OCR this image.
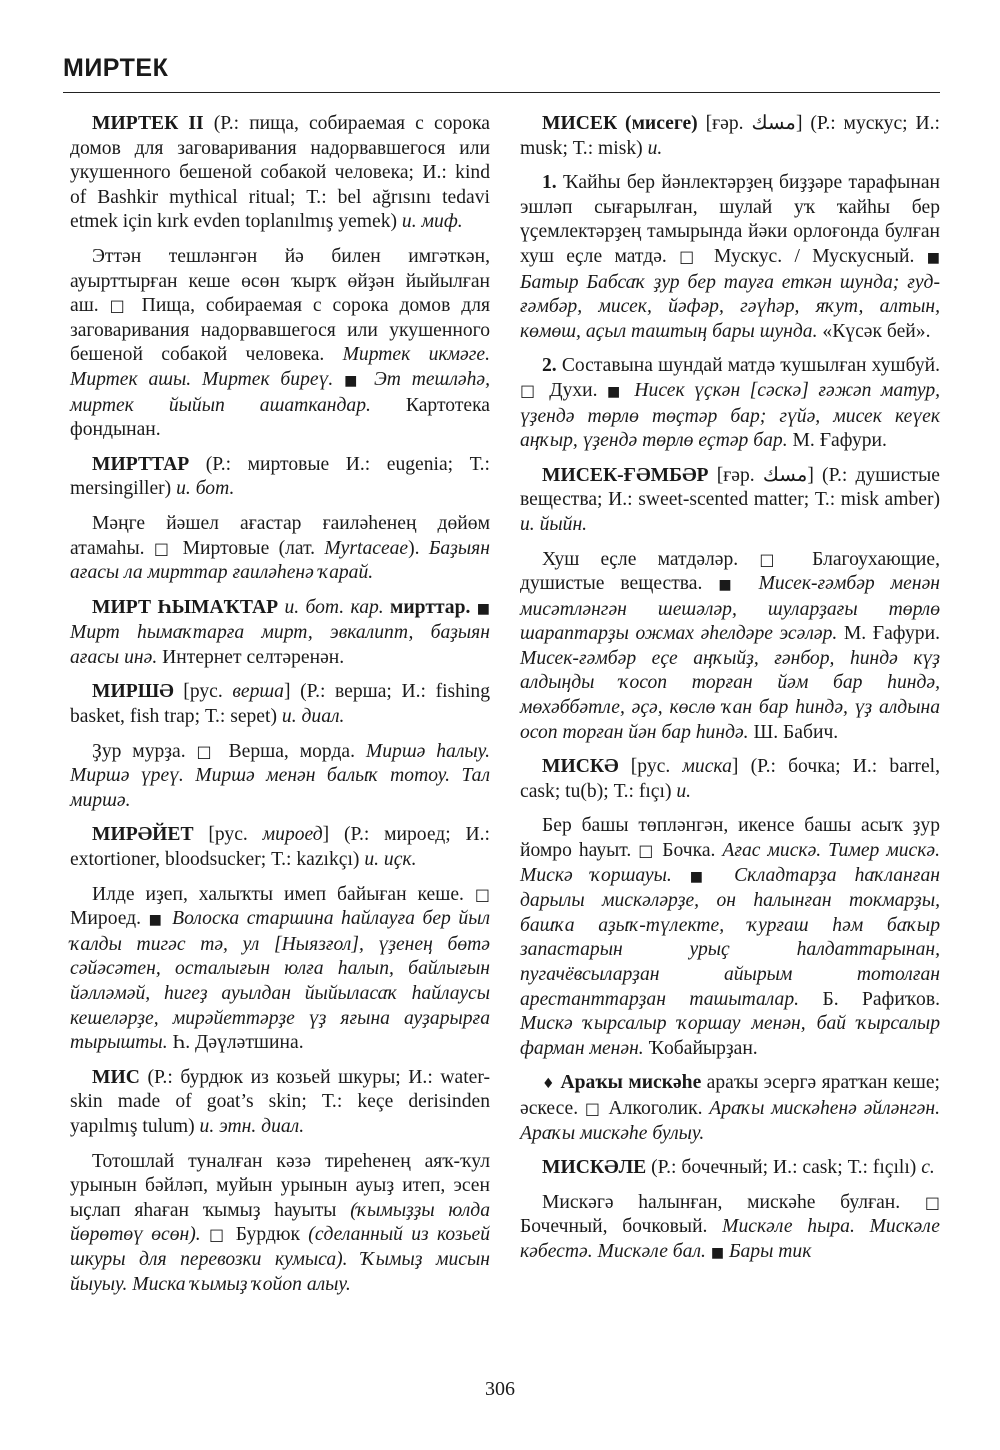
МИРТЕК

МИРТЕК II (Р.: пища, собираемая с сорока домов для заговаривания надорвавшегося или укушенного бешеной собакой человека; И.: kind of Bashkir mythical ritual; Т.: bel ağrısını tedavi etmek için kırk evden toplanılmış yemek) и. миф.

Эттән тешләнгән йә билен имгәткән, ауырттырған кеше өсөн ҡырҡ өйҙән йыйылған аш. □ Пища, собираемая с сорока домов для заговаривания надорвавшегося или укушенного бешеной собакой человека. Миртек икмәге. Миртек ашы. Миртек биреү. ■ Эт тешләһә, миртек йыйып ашаткандар. Картотека фондынан.

МИРТТАР (Р.: миртовые И.: eugenia; Т.: mersingiller) и. бот.

Мәңге йәшел ағастар ғаиләһенең дөйөм атамаһы. □ Миртовые (лат. Myrtaceae). Баҙыян ағасы ла мирттар ғаиләһенә ҡарай.

МИРТ ҺЫМАҠТАР и. бот. кар. мирттар. ■ Мирт һымаҡтарға мирт, эвкалипт, баҙыян ағасы инә. Интернет селтәренән.

МИРШӘ [рус. верша] (Р.: верша; И.: fishing basket, fish trap; Т.: sepet) и. диал.

Ҙур мурҙа. □ Верша, морда. Миршә һалыу. Миршә үреү. Миршә менән балыҡ тотоу. Тал миршә.

МИРӘЙЕТ [рус. мироед] (Р.: мироед; И.: extortioner, bloodsucker; Т.: kazıkçı) и. иҫк.

Илде иҙеп, халыҡты имеп байыған кеше. □ Мироед. ■ Волоска старшина һайлауға бер йыл ҡалды тигәс тә, ул [Ныязғол], үҙенең бөтә сәйәсәтен, осталығын юлға һалып, байлығын йәлләмәй, һигеҙ ауылдан йыйыласаҡ һайлаусы кешеләрҙе, мирәйеттәрҙе үҙ яғына ауҙарырға тырышты. Һ. Дәүләтшина.

МИС (Р.: бурдюк из козьей шкуры; И.: water-skin made of goat’s skin; Т.: keçe derisinden yapılmış tulum) и. этн. диал.

Тотошлай туналған кәзә тиреһенең аяҡ-ҡул урынын бәйләп, муйын урынын ауыҙ итеп, эсен ыҫлап яһаған ҡымыҙ һауыты (ҡымыҙҙы юлда йөрөтөү өсөн). □ Бурдюк (сделанный из козьей шкуры для перевозки кумыса). Ҡымыҙ мисын йыуыу. Миска ҡымыҙ ҡойоп алыу.

МИСЕК (мисеге) [ғәр. مسك] (Р.: мускус; И.: musk; Т.: misk) и.

1. Ҡайһы бер йәнлектәрҙең биҙҙәре тарафынан эшләп сығарылған, шулай уҡ ҡайһы бер үҫемлектәрҙең тамырында йәки орлоғонда булған хуш еҫле матдә. □ Мускус. / Мускусный. ■ Батыр Бабсаҡ ҙур бер тауға еткән шунда; ғуд-ғәмбәр, мисек, йәфәр, гәүһәр, яҡут, алтын, көмөш, аҫыл таштың бары шунда. «Күсәк бей».

2. Составына шундай матдә ҡушылған хушбуй. □ Духи. ■ Нисек үҫкән [сәскә] ғәжәп матур, үҙендә төрлө төҫтәр бар; гүйә, мисек кеүек аңҡыр, үҙендә төрлө еҫтәр бар. М. Ғафури.

МИСЕК-ҒӘМБӘР [ғәр. مسك] (Р.: душистые вещества; И.: sweet-scented matter; Т.: misk amber) и. йыйн.

Хуш еҫле матдәләр. □ Благоухающие, душистые вещества. ■ Мисек-ғәмбәр менән мисәтләнгән шешәләр, шуларҙағы төрлө шараптарҙы ожмах әһелдәре эсәләр. М. Ғафури. Мисек-ғәмбәр еҫе аңҡыйҙ, ғәнбор, һиндә күҙ алдыңды ҡосоп торған йәм бар һиндә, мөхәббәтле, әҫә, көслө ҡан бар һиндә, үҙ алдына осоп торған йән бар һиндә. Ш. Бабич.

МИСКӘ [рус. миска] (Р.: бочка; И.: barrel, cask; tu(b); Т.: fıçı) и.

Бер башы төпләнгән, икенсе башы асыҡ ҙур йомро һауыт. □ Бочка. Ағас мискә. Тимер мискә. Мискә ҡоршауы. ■ Складтарҙа һаҡланған дарылы мискәләрҙе, он һалынған токмарҙы, башҡа аҙыҡ-түлекте, ҡурғаш һәм баҡыр запастарын урыҫ һалдаттарынан, пугачёвсыларҙан айырым тотолған арестанттарҙан ташыталар. Б. Рафиҡов. Мискә ҡырсалыр ҡоршау менән, бай ҡырсалыр фарман менән. Ҡобайырҙан.

♦ Араҡы мискәһе араҡы эсергә яратҡан кеше; әскесе. □ Алкоголик. Араҡы мискәһенә әйләнгән. Араҡы мискәһе булыу.

МИСКӘЛЕ (Р.: бочечный; И.: cask; Т.: fıçılı) с.

Мискәгә һалынған, мискәһе булған. □ Бочечный, бочковый. Мискәле һыра. Мискәле кәбестә. Мискәле бал. ■ Бары тик

306
